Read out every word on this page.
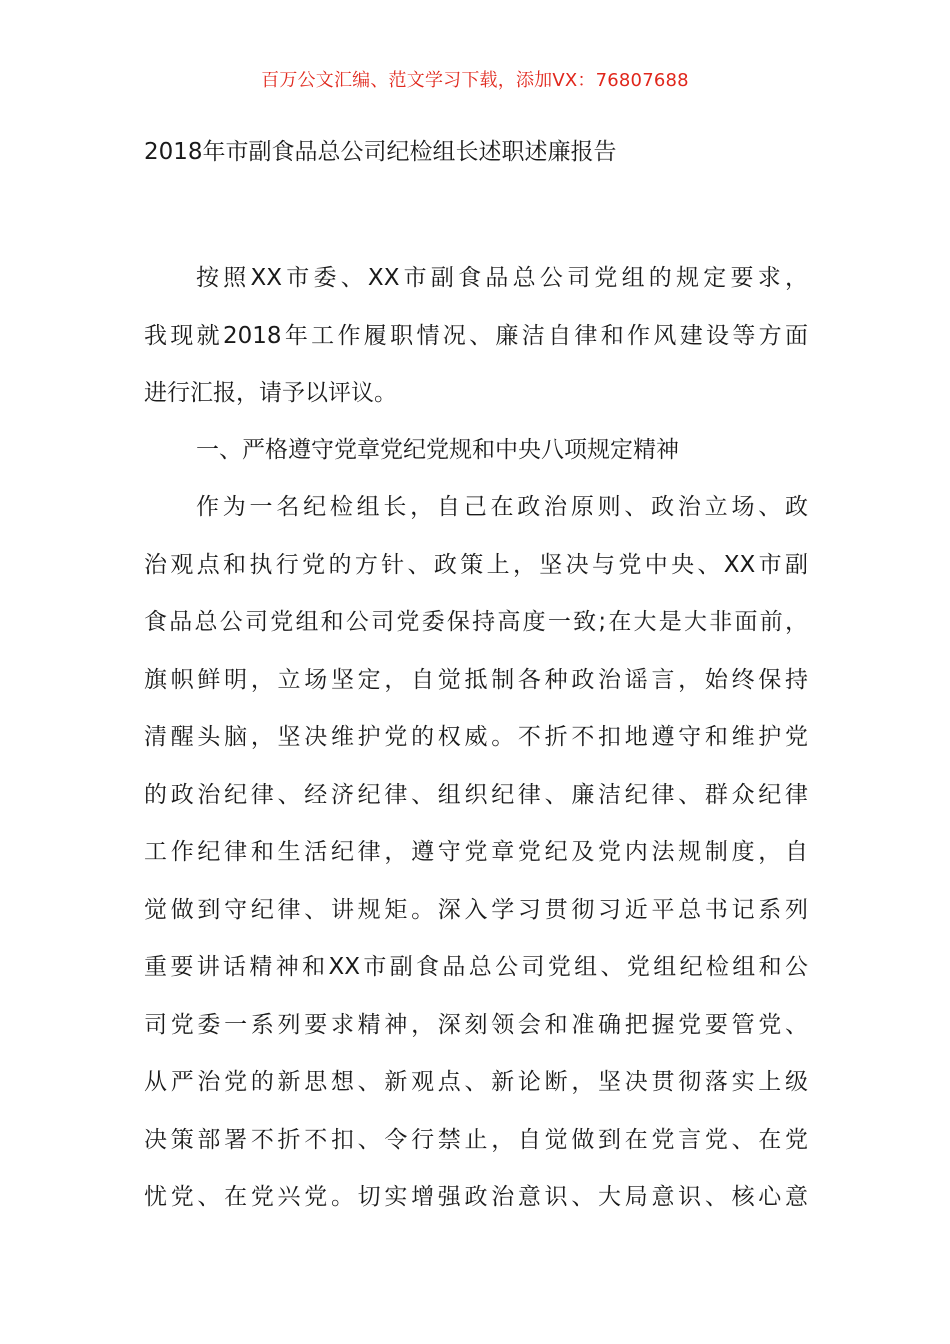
百万公文汇编、范文学习下载，添加VX：76807688
2018年市副食品总公司纪检组长述职述廉报告
按照XX市委、XX市副食品总公司党组的规定要求，
我现就2018年工作履职情况、廉洁自律和作风建设等方面
进行汇报，请予以评议。
一、严格遵守党章党纪党规和中央八项规定精神
作为一名纪检组长，自己在政治原则、政治立场、政
治观点和执行党的方针、政策上，坚决与党中央、XX市副
食品总公司党组和公司党委保持高度一致;在大是大非面前，
旗帜鲜明，立场坚定，自觉抵制各种政治谣言，始终保持
清醒头脑，坚决维护党的权威。不折不扣地遵守和维护党
的政治纪律、经济纪律、组织纪律、廉洁纪律、群众纪律
工作纪律和生活纪律，遵守党章党纪及党内法规制度，自
觉做到守纪律、讲规矩。深入学习贯彻习近平总书记系列
重要讲话精神和XX市副食品总公司党组、党组纪检组和公
司党委一系列要求精神，深刻领会和准确把握党要管党、
从严治党的新思想、新观点、新论断，坚决贯彻落实上级
决策部署不折不扣、令行禁止，自觉做到在党言党、在党
忧党、在党兴党。切实增强政治意识、大局意识、核心意
